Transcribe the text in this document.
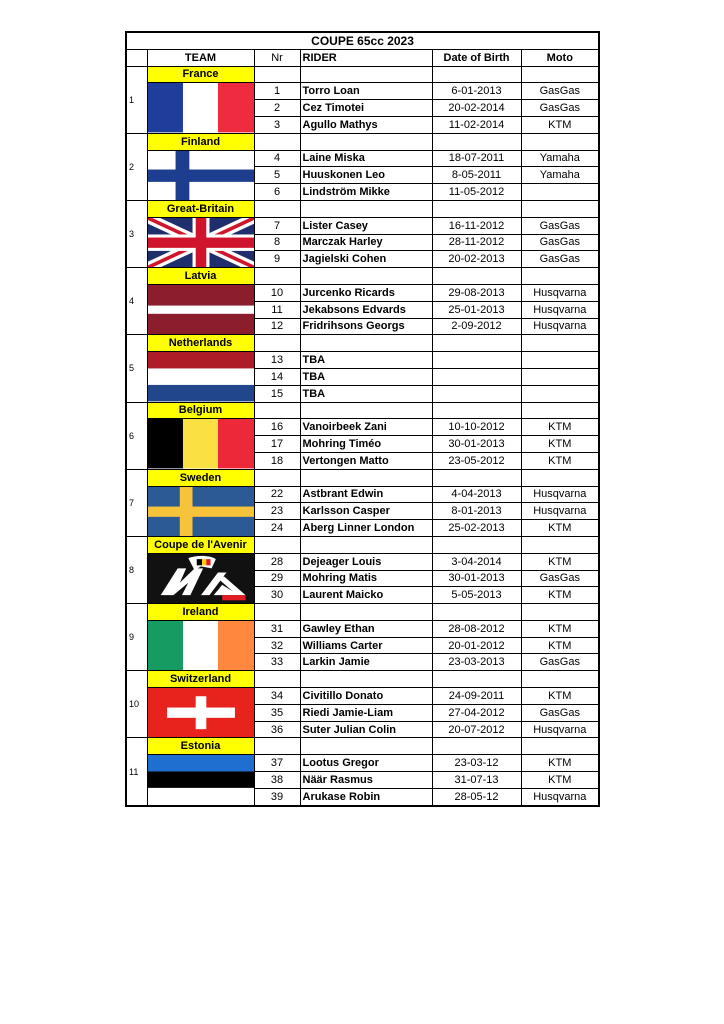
COUPE 65cc 2023					
	TEAM	Nr	RIDER	Date of Birth	Moto
1	France				

	1	Torro Loan	6-01-2013	GasGas
		2	Cez Timotei	20-02-2014	GasGas
		3	Agullo Mathys	11-02-2014	KTM
2	Finland				

	4	Laine Miska	18-07-2011	Yamaha
		5	Huuskonen Leo	8-05-2011	Yamaha
		6	Lindström Mikke	11-05-2012	
3	Great-Britain				

	7	Lister Casey	16-11-2012	GasGas
		8	Marczak Harley	28-11-2012	GasGas
		9	Jagielski Cohen	20-02-2013	GasGas
4	Latvia				

	10	Jurcenko Ricards	29-08-2013	Husqvarna
		11	Jekabsons Edvards	25-01-2013	Husqvarna
		12	Fridrihsons Georgs	2-09-2012	Husqvarna
5	Netherlands				

	13	TBA		
		14	TBA		
		15	TBA		
6	Belgium				

	16	Vanoirbeek Zani	10-10-2012	KTM
		17	Mohring Timéo	30-01-2013	KTM
		18	Vertongen Matto	23-05-2012	KTM
7	Sweden				

	22	Astbrant Edwin	4-04-2013	Husqvarna
		23	Karlsson Casper	8-01-2013	Husqvarna
		24	Aberg Linner London	25-02-2013	KTM
8	Coupe de l'Avenir				

	28	Dejeager Louis	3-04-2014	KTM
		29	Mohring Matis	30-01-2013	GasGas
		30	Laurent Maicko	5-05-2013	KTM
9	Ireland				

	31	Gawley Ethan	28-08-2012	KTM
		32	Williams Carter	20-01-2012	KTM
		33	Larkin Jamie	23-03-2013	GasGas
10	Switzerland				

	34	Civitillo Donato	24-09-2011	KTM
		35	Riedi Jamie-Liam	27-04-2012	GasGas
		36	Suter Julian Colin	20-07-2012	Husqvarna
11	Estonia				

	37	Lootus Gregor	23-03-12	KTM
		38	Näär Rasmus	31-07-13	KTM
		39	Arukase Robin	28-05-12	Husqvarna
